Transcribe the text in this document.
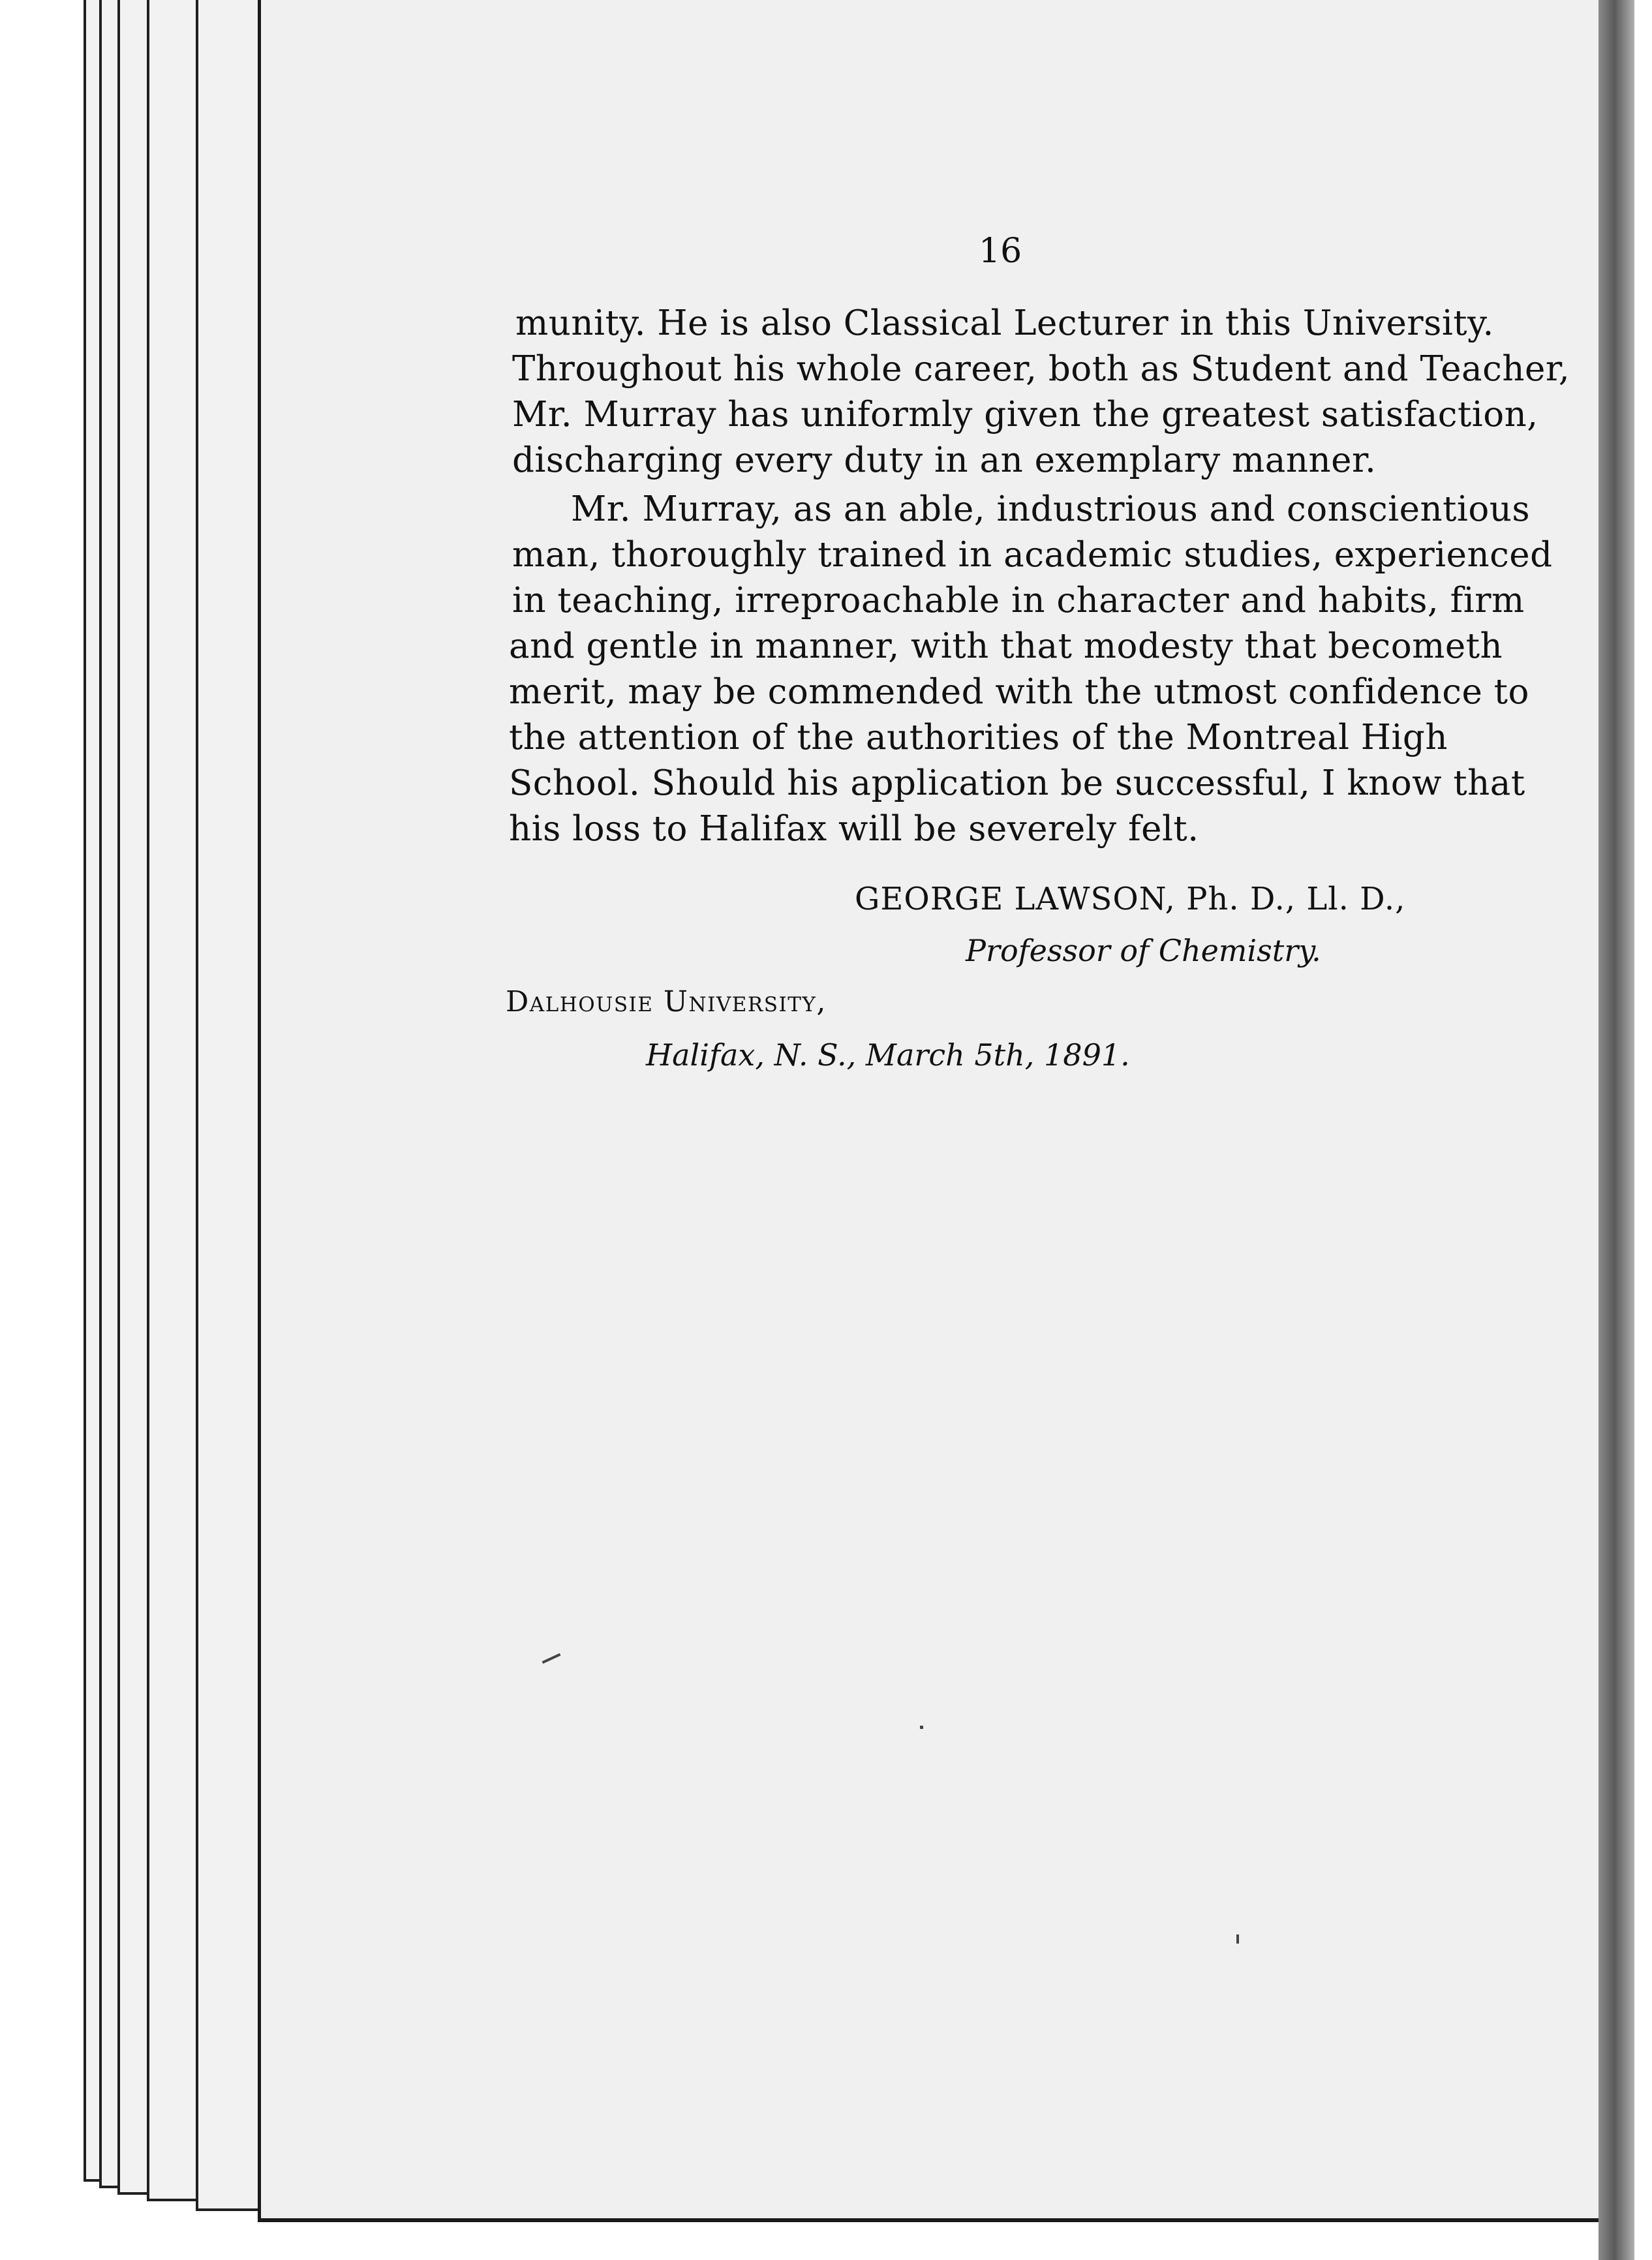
16
munity. He is also Classical Lecturer in this University.
Throughout his whole career, both as Student and Teacher,
Mr. Murray has uniformly given the greatest satisfaction,
discharging every duty in an exemplary manner.
Mr. Murray, as an able, industrious and conscientious
man, thoroughly trained in academic studies, experienced
in teaching, irreproachable in character and habits, firm
and gentle in manner, with that modesty that becometh
merit, may be commended with the utmost confidence to
the attention of the authorities of the Montreal High
School. Should his application be successful, I know that
his loss to Halifax will be severely felt.
GEORGE LAWSON, Ph. D., Ll. D.,
Professor of Chemistry.
Dalhousie University,
Halifax, N. S., March 5th, 1891.
